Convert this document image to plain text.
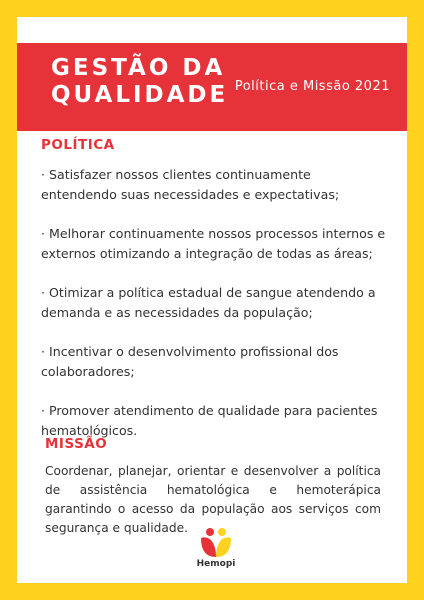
GESTÃO DA
QUALIDADE Política e Missão 2021
POLÍTICA
· Satisfazer nossos clientes continuamente entendendo suas necessidades e expectativas;
· Melhorar continuamente nossos processos internos e externos otimizando a integração de todas as áreas;
· Otimizar a política estadual de sangue atendendo a demanda e as necessidades da população;
· Incentivar o desenvolvimento profissional dos colaboradores;
· Promover atendimento de qualidade para pacientes hematológicos.
MISSÃO

Coordenar, planejar, orientar e desenvolver a política de assistência hematológica e hemoterápica garantindo o acesso da população aos serviços com segurança e qualidade.

Hemopi
